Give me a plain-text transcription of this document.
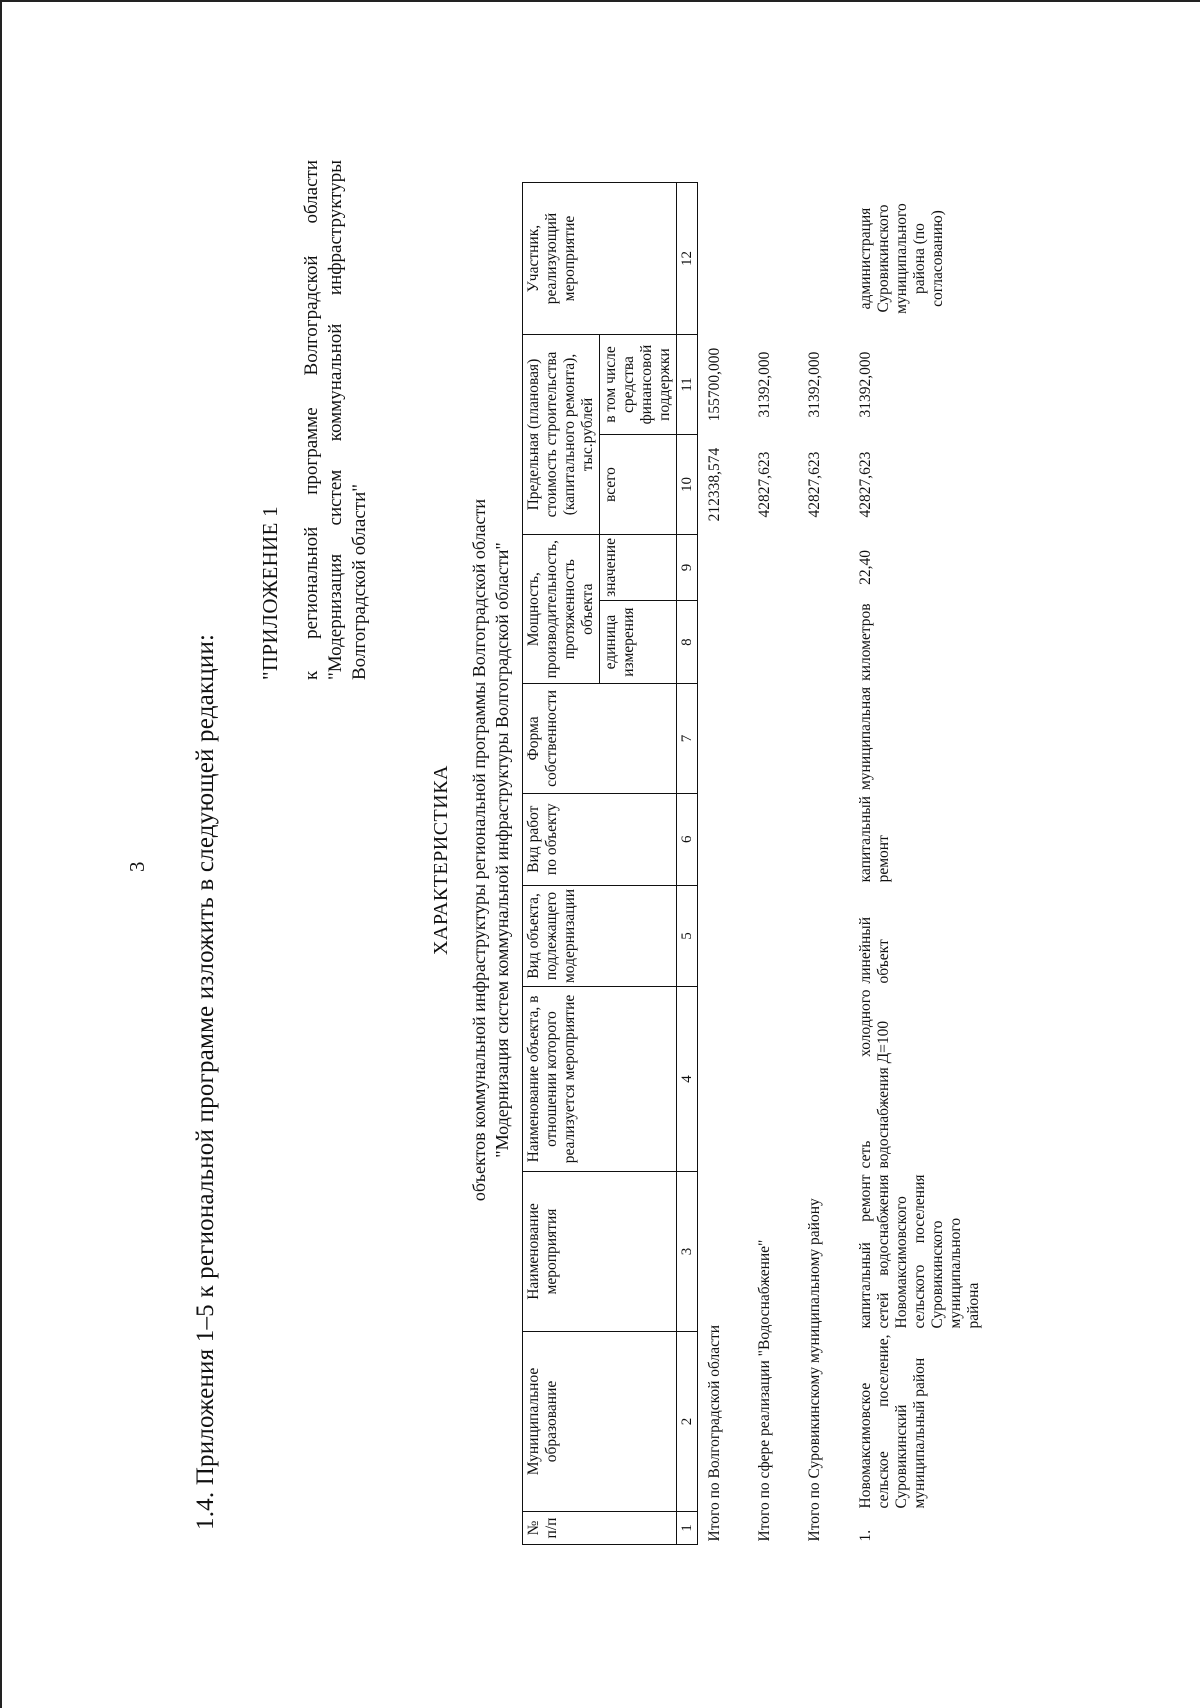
3 1.4. Приложения 1–5 к региональной программе изложить в следующей редакции:
"ПРИЛОЖЕНИЕ 1 к региональной программе Волгоградской области "Модернизация систем коммунальной инфраструктуры Волгоградской области"
ХАРАКТЕРИСТИКА объектов коммунальной инфраструктуры региональной программы Волгоградской области "Модернизация систем коммунальной инфраструктуры Волгоградской области"
№ п/п	Муниципальное образование	Наименование мероприятия	Наименование объекта, в отношении которого реализуется мероприятие	Вид объекта, подлежащего модернизации	Вид работ по объекту	Форма собственности	Мощность, производительность, протяженность объекта		Предельная (плановая) стоимость строительства (капитального ремонта), тыс.рублей		Участник, реализующий мероприятие
							единица измерения	значение	всего	в том числе средства финансовой поддержки	
1	2	3	4	5	6	7	8	9	10	11	12
Итого по Волгоградской области									212338,574	155700,000	
Итого по сфере реализации "Водоснабжение"									42827,623	31392,000	
Итого по Суровикинскому муниципальному району									42827,623	31392,000	
1.	Новомаксимовское сельское поселение, Суровикинский муниципальный район	капитальный ремонт сетей водоснабжения Новомаксимовского сельского поселения Суровикинского муниципального района	сеть холодного водоснабжения Д=100	линейный объект	капитальный ремонт	муниципальная	километров	22,40	42827,623	31392,000	администрация Суровикинского муниципального района (по согласованию)
